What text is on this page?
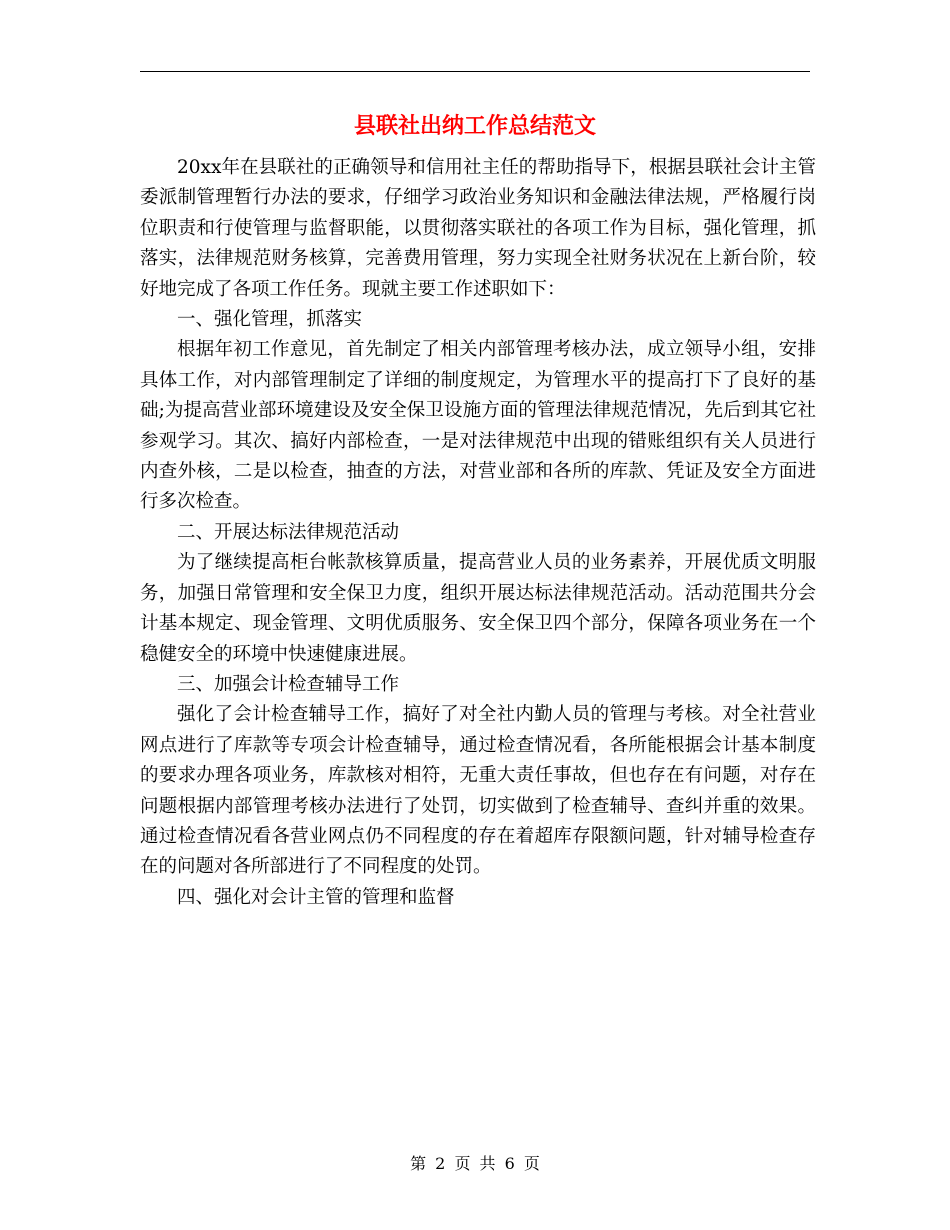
县联社出纳工作总结范文

20xx年在县联社的正确领导和信用社主任的帮助指导下，根据县联社会计主管委派制管理暂行办法的要求，仔细学习政治业务知识和金融法律法规，严格履行岗位职责和行使管理与监督职能，以贯彻落实联社的各项工作为目标，强化管理，抓落实，法律规范财务核算，完善费用管理，努力实现全社财务状况在上新台阶，较好地完成了各项工作任务。现就主要工作述职如下：

一、强化管理，抓落实

根据年初工作意见，首先制定了相关内部管理考核办法，成立领导小组，安排具体工作，对内部管理制定了详细的制度规定，为管理水平的提高打下了良好的基础;为提高营业部环境建设及安全保卫设施方面的管理法律规范情况，先后到其它社参观学习。其次、搞好内部检查，一是对法律规范中出现的错账组织有关人员进行内查外核，二是以检查，抽查的方法，对营业部和各所的库款、凭证及安全方面进行多次检查。

二、开展达标法律规范活动

为了继续提高柜台帐款核算质量，提高营业人员的业务素养，开展优质文明服务，加强日常管理和安全保卫力度，组织开展达标法律规范活动。活动范围共分会计基本规定、现金管理、文明优质服务、安全保卫四个部分，保障各项业务在一个稳健安全的环境中快速健康进展。

三、加强会计检查辅导工作

强化了会计检查辅导工作，搞好了对全社内勤人员的管理与考核。对全社营业网点进行了库款等专项会计检查辅导，通过检查情况看，各所能根据会计基本制度的要求办理各项业务，库款核对相符，无重大责任事故，但也存在有问题，对存在问题根据内部管理考核办法进行了处罚，切实做到了检查辅导、查纠并重的效果。通过检查情况看各营业网点仍不同程度的存在着超库存限额问题，针对辅导检查存在的问题对各所部进行了不同程度的处罚。

四、强化对会计主管的管理和监督

第 2 页 共 6 页
